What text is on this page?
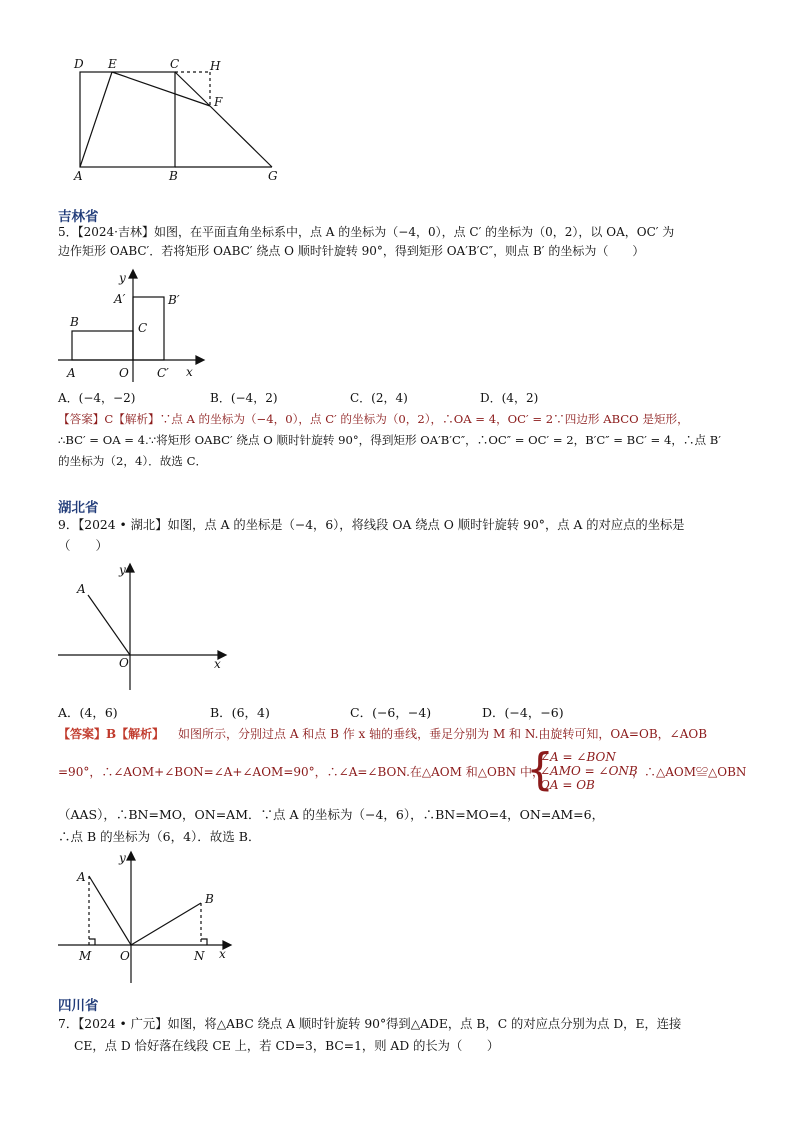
D E	C	H
F
A	B	G
吉林省
5．【2024·吉林】如图，在平面直角坐标系中，点 A 的坐标为（−4，0），点 C′ 的坐标为（0，2），以 OA，OC′ 为
边作矩形 OABC′．若将矩形 OABC′ 绕点 O 顺时针旋转 90°，得到矩形 OA′B′C″，则点 B′ 的坐标为（　　）
y
A′	B′
B	C
A	O C′ x
A．(−4，−2)	B．(−4，2)	C．(2，4)	D．(4，2)
【答案】C【解析】∵点 A 的坐标为（−4，0），点 C′ 的坐标为（0，2），∴OA = 4，OC′ = 2∵四边形 ABCO 是矩形，
∴BC′ = OA = 4.∵将矩形 OABC′ 绕点 O 顺时针旋转 90°，得到矩形 OA′B′C″，∴OC″ = OC′ = 2，B′C″ = BC′ = 4，∴点 B′
的坐标为（2，4）．故选 C．
湖北省
9．【2024 • 湖北】如图，点 A 的坐标是（−4，6），将线段 OA 绕点 O 顺时针旋转 90°，点 A 的对应点的坐标是
（　　）
y
A
O	x
A．(4，6)	B．(6，4)	C．(−6，−4)	D．(−4，−6)
【答案】B【解析】 如图所示，分别过点 A 和点 B 作 x 轴的垂线，垂足分别为 M 和 N.由旋转可知，OA=OB，∠AOB
=90°，∴∠AOM+∠BON=∠A+∠AOM=90°，∴∠A=∠BON.在△AOM 和△OBN 中，
{
∠A = ∠BON
∠AMO = ∠ONB
OA = OB
，∴△AOM≌△OBN
（AAS），∴BN=MO，ON=AM．∵点 A 的坐标为（−4，6），∴BN=MO=4，ON=AM=6，
∴点 B 的坐标为（6，4）．故选 B．
y
A
B
M O	N x
四川省
7．【2024 • 广元】如图，将△ABC 绕点 A 顺时针旋转 90°得到△ADE，点 B，C 的对应点分别为点 D，E，连接
CE，点 D 恰好落在线段 CE 上，若 CD=3，BC=1，则 AD 的长为（　　）
